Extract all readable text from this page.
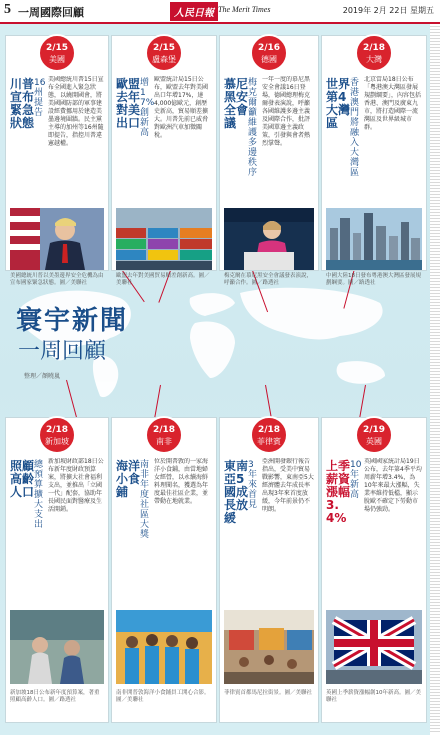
5 一周國際回顧	人民日報 The Merit Times	2019年 2月 22日 星期五
寰宇新聞
一周回顧
整理／顏曉嵐
2/15
美國
川普宣布緊急狀態
16州提告
美國總統川普15日宣布全國進入緊急狀態，以繞開國會，將美國國防部的軍事建設經費挪用於建造美墨邊境圍牆。民主黨主導的加州等16州隨即提告，指控川普違憲越權。
美國總統川普以美墨邊界安全危機為由宣布國家緊急狀態。圖／美聯社
2/15
盧森堡
歐盟去年對美出口
增17%創新高
歐盟統計局15日公布，歐盟去年對美國出口年增17%，達4,000億歐元，創歷史新高，貿易順差擴大。川普先前已威脅對歐洲汽車加徵關稅。
歐盟去年對美國貿易順差創新高。圖／美聯社
2/16
德國
慕尼黑安全會議
梅克爾籲維護多邊秩序
一年一度的慕尼黑安全會議16日登場，德國總理梅克爾發表演說，呼籲各國維護多邊主義及國際合作，批評美國單邊主義政策，引發與會者熱烈掌聲。
梅克爾在慕尼黑安全會議發表演說，呼籲合作。圖／路透社
2/18
大灣
世界第4大灣區
香港澳門將融入大灣區
北京當局18日公布「粵港澳大灣區發展規劃綱要」，內容包括香港、澳門及廣東九市，將打造國際一流灣區及世界級城市群。
中國大陸18日發布粵港澳大灣區發展規劃綱要。圖／路透社
2/18
新加坡
照顧高齡人口
總預算擴大支出
新加坡財政部18日公布新年度財政預算案，將擴大社會福利支出，並推出「立國一代」配套，協助年長國民面對醫療及生活開銷。
新加坡18日公布新年度預算案，著重照顧高齡人口。圖／路透社
2/18
南非
海洋小食鋪
南非年度社區大獎
位於開普敦的一家海洋小食鋪，由當地婦女經營，以永續海鮮料理聞名，獲選為年度最佳社區企業，並帶動在地就業。
南非開普敦海洋小食鋪員工開心合影。圖／美聯社
2/18
菲律賓
東南亞5國成長放緩
3年來首見
亞洲開發銀行報告指出，受美中貿易戰影響，東南亞5大經濟體去年成長率出現3年來首度放緩，今年前景仍不明朗。
菲律賓首都馬尼拉街景。圖／美聯社
2/19
英國
上季薪資漲幅3.4%
10年新高
英國國家統計局19日公布，去年第4季平均周薪年增3.4%，為10年來最大漲幅，失業率維持低檔，顯示脫歐不確定下勞動市場仍強勁。
英國上季薪資漲幅創10年新高。圖／美聯社
